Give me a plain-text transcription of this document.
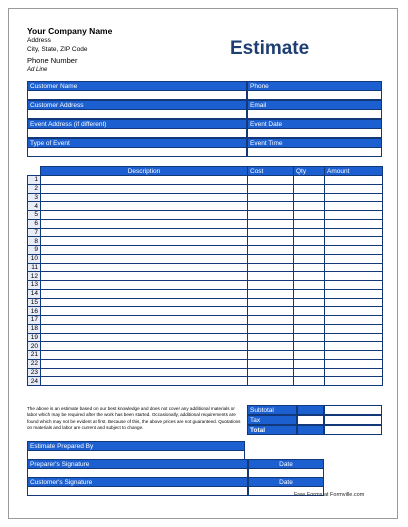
Your Company Name
Address
City, State, ZIP Code
Phone Number
Ad Line
Estimate
Customer Name	Phone
Customer Address	Email
Event Address (if different)	Event Date
Type of Event	Event Time
	Description	Cost	Qty	Amount
1				
2				
3				
4				
5				
6				
7				
8				
9				
10				
11				
12				
13				
14				
15				
16				
17				
18				
19				
20				
21				
22				
23				
24				
The above is an estimate based on our best knowledge and does not cover any additional materials or labor which may be required after the work has been started. Occasionally, additional requirements are found which may not be evident at first. Because of this, the above prices are not guaranteed. Quotations on materials and labor are current and subject to change.
Subtotal
Tax
Total
Estimate Prepared By
Preparer's Signature	Date
Customer's Signature	Date
Free Forms at Formville.com
